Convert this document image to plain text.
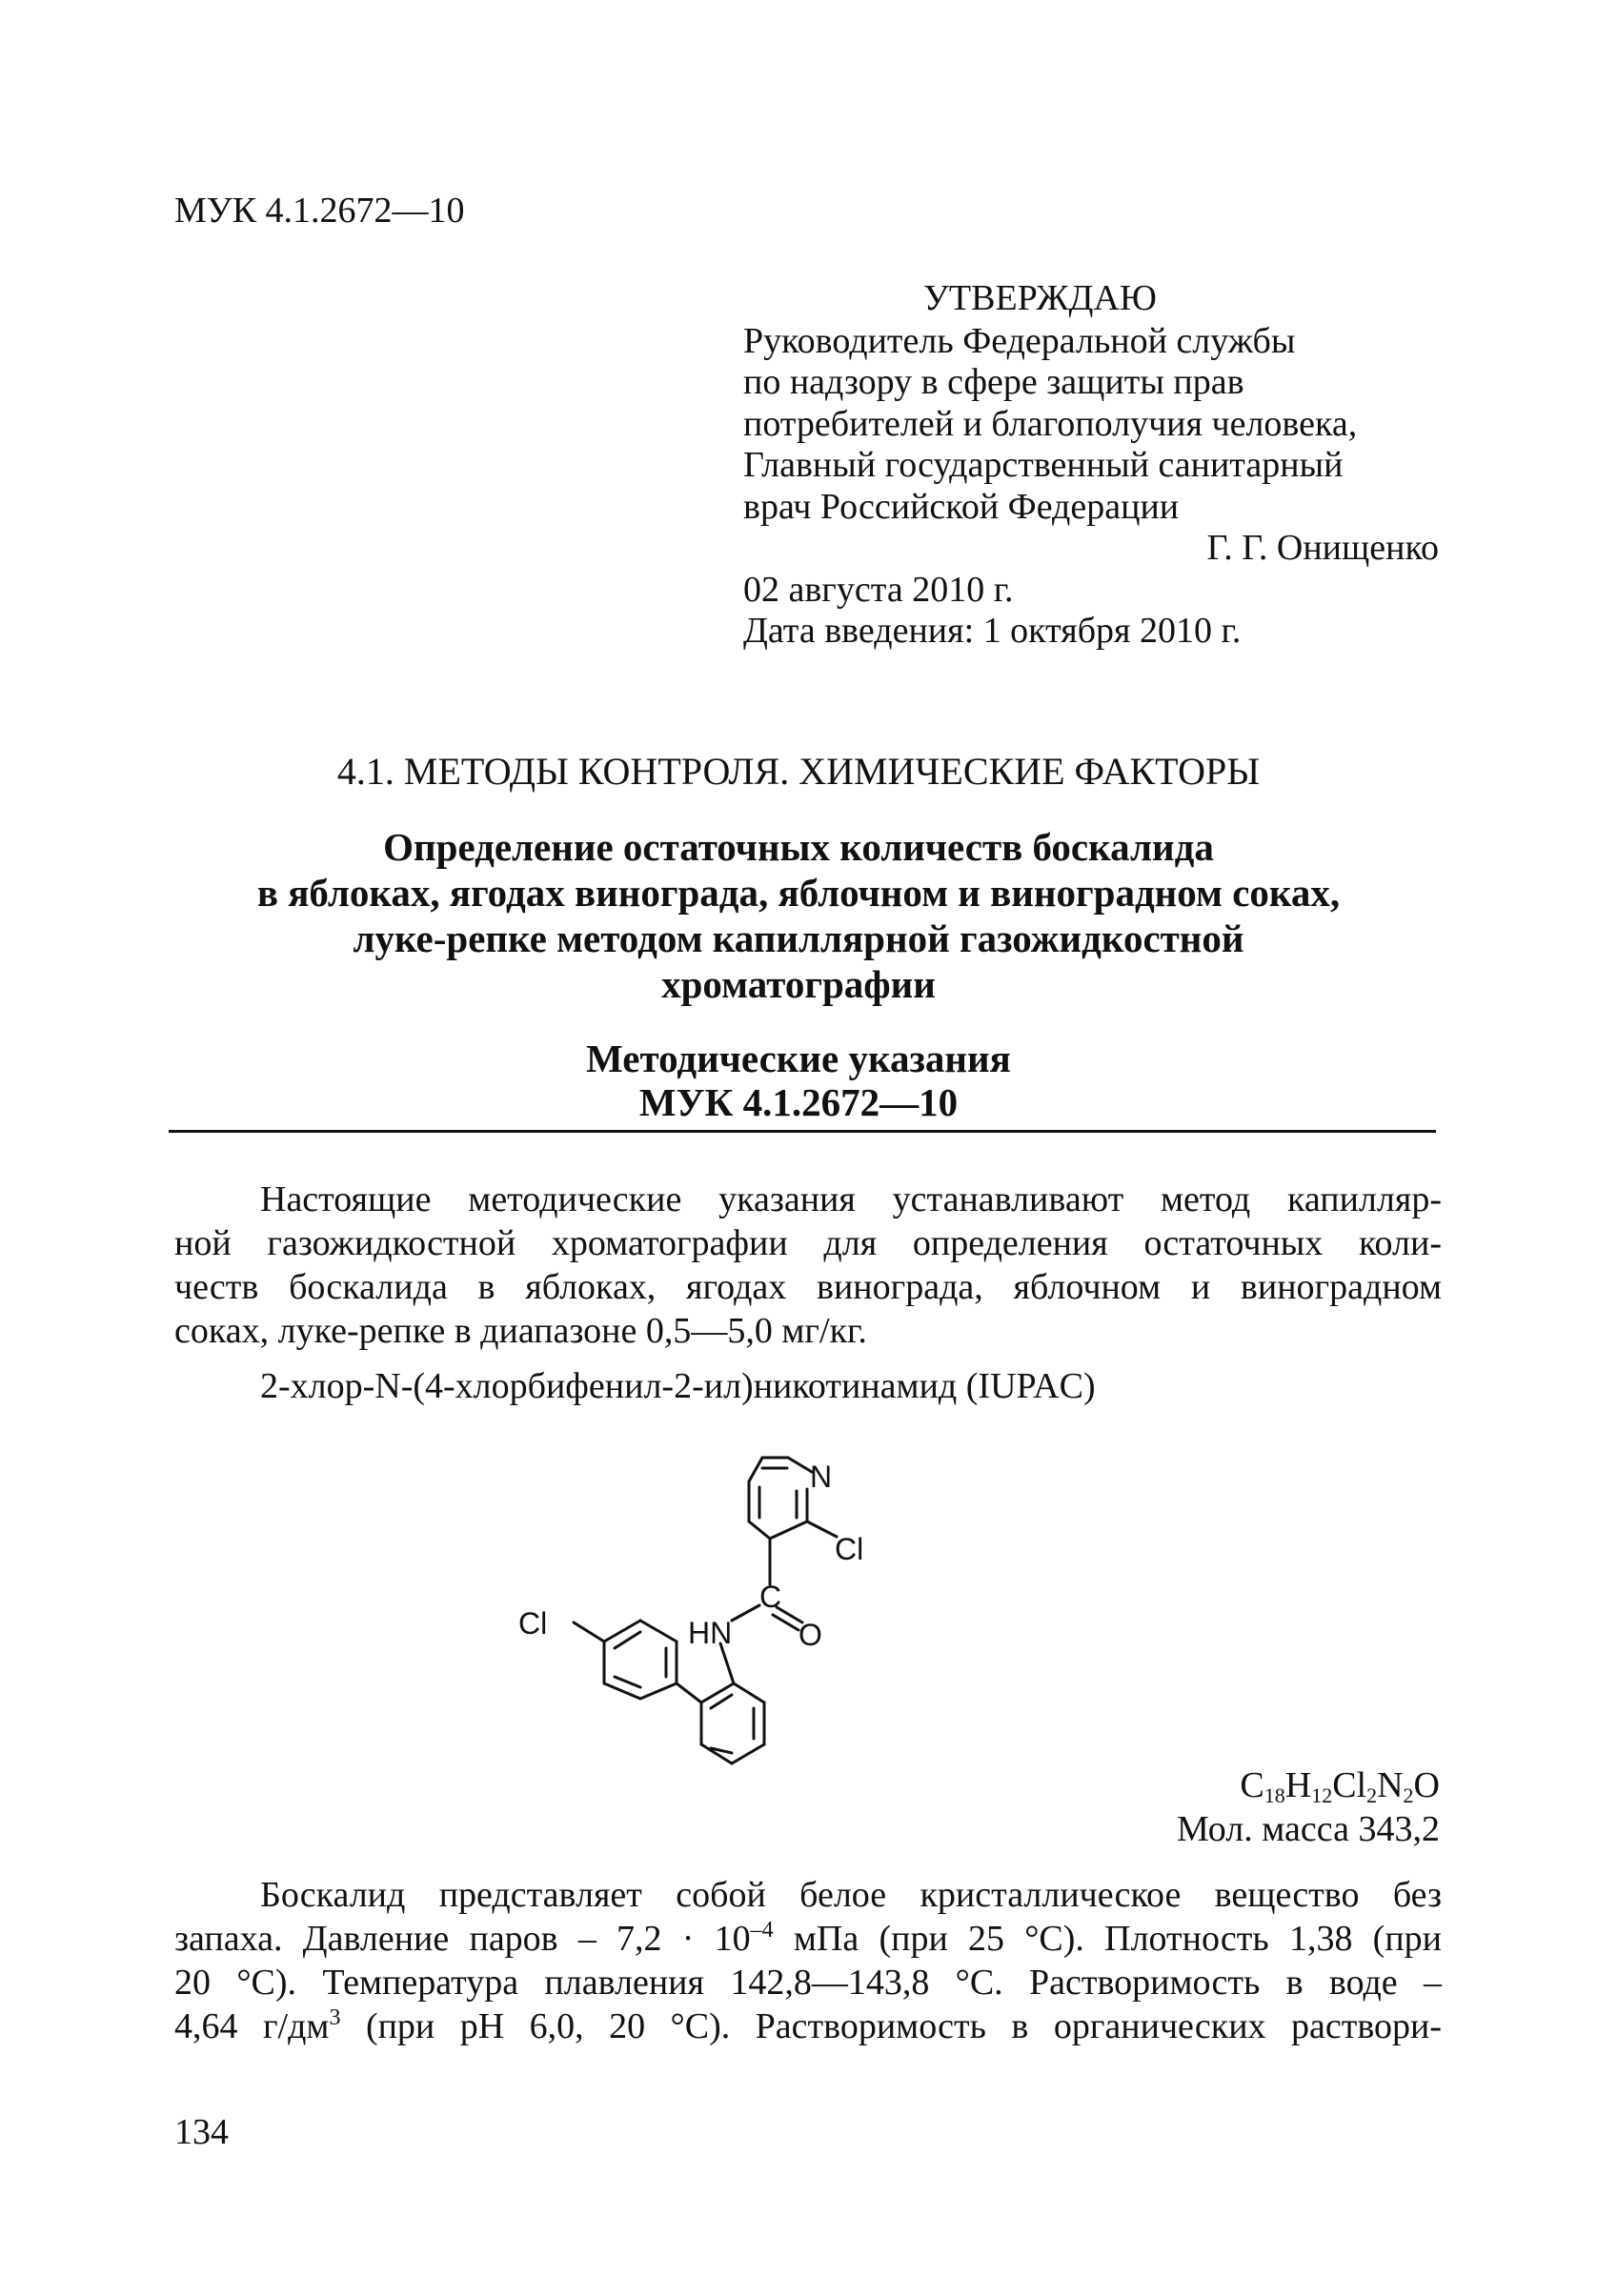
МУК 4.1.2672—10
УТВЕРЖДАЮ
Руководитель Федеральной службы
по надзору в сфере защиты прав
потребителей и благополучия человека,
Главный государственный санитарный
врач Российской Федерации
Г. Г. Онищенко
02 августа 2010 г.
Дата введения: 1 октября 2010 г.
4.1. МЕТОДЫ КОНТРОЛЯ. ХИМИЧЕСКИЕ ФАКТОРЫ
Определение остаточных количеств боскалида
в яблоках, ягодах винограда, яблочном и виноградном соках,
луке-репке методом капиллярной газожидкостной
хроматографии
Методические указания
МУК 4.1.2672—10
Настоящие методические указания устанавливают метод капилляр-
ной газожидкостной хроматографии для определения остаточных коли-
честв боскалида в яблоках, ягодах винограда, яблочном и виноградном
соках, луке-репке в диапазоне 0,5—5,0 мг/кг.
2-хлор-N-(4-хлорбифенил-2-ил)никотинамид (IUPAC)
N
Cl
Cl	HN
C
O
$C_{18}H_{12}Cl_2N_2O$
Мол. масса 343,2
Боскалид представляет собой белое кристаллическое вещество без
запаха. Давление паров – $7,2 \cdot 10^{-4}$ мПа (при 25 °С). Плотность 1,38 (при
20 °С). Температура плавления 142,8—143,8 °С. Растворимость в воде –
4,64 $г/дм^3$ (при рН 6,0, 20 °С). Растворимость в органических раствори-
134
